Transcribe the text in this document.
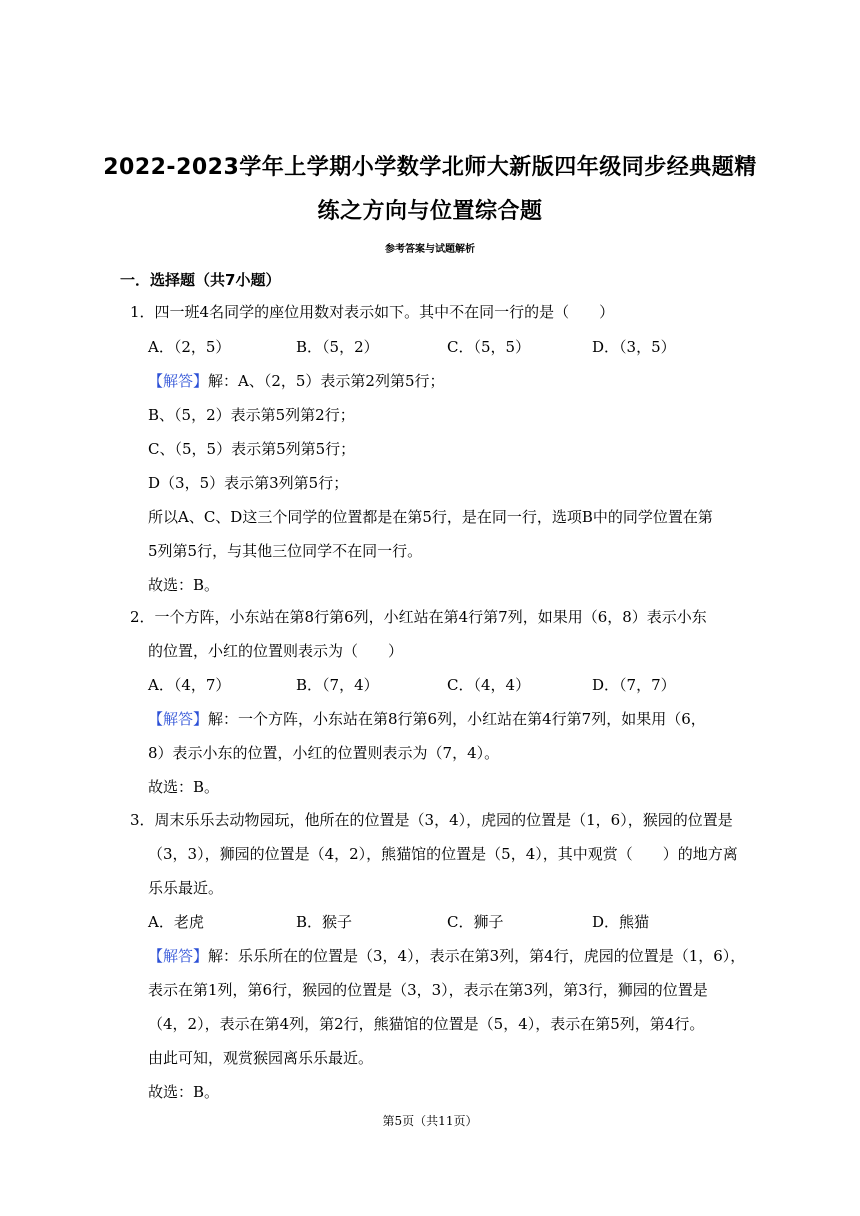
2022-2023学年上学期小学数学北师大新版四年级同步经典题精
练之方向与位置综合题
参考答案与试题解析
一．选择题（共7小题）
1．四一班4名同学的座位用数对表示如下。其中不在同一行的是（　　）
A．（2，5）	B．（5，2）	C．（5，5）	D．（3，5）
【解答】解：A、（2，5）表示第2列第5行；
B、（5，2）表示第5列第2行；
C、（5，5）表示第5列第5行；
D（3，5）表示第3列第5行；
所以A、C、D这三个同学的位置都是在第5行，是在同一行，选项B中的同学位置在第
5列第5行，与其他三位同学不在同一行。
故选：B。
2．一个方阵，小东站在第8行第6列，小红站在第4行第7列，如果用（6，8）表示小东
的位置，小红的位置则表示为（　　）
A．（4，7）	B．（7，4）	C．（4，4）	D．（7，7）
【解答】解：一个方阵，小东站在第8行第6列，小红站在第4行第7列，如果用（6，
8）表示小东的位置，小红的位置则表示为（7，4）。
故选：B。
3．周末乐乐去动物园玩，他所在的位置是（3，4），虎园的位置是（1，6），猴园的位置是
（3，3），狮园的位置是（4，2），熊猫馆的位置是（5，4），其中观赏（　　）的地方离
乐乐最近。
A．老虎	B．猴子	C．狮子	D．熊猫
【解答】解：乐乐所在的位置是（3，4），表示在第3列，第4行，虎园的位置是（1，6），
表示在第1列，第6行，猴园的位置是（3，3），表示在第3列，第3行，狮园的位置是
（4，2），表示在第4列，第2行，熊猫馆的位置是（5，4），表示在第5列，第4行。
由此可知，观赏猴园离乐乐最近。
故选：B。
第5页（共11页）
